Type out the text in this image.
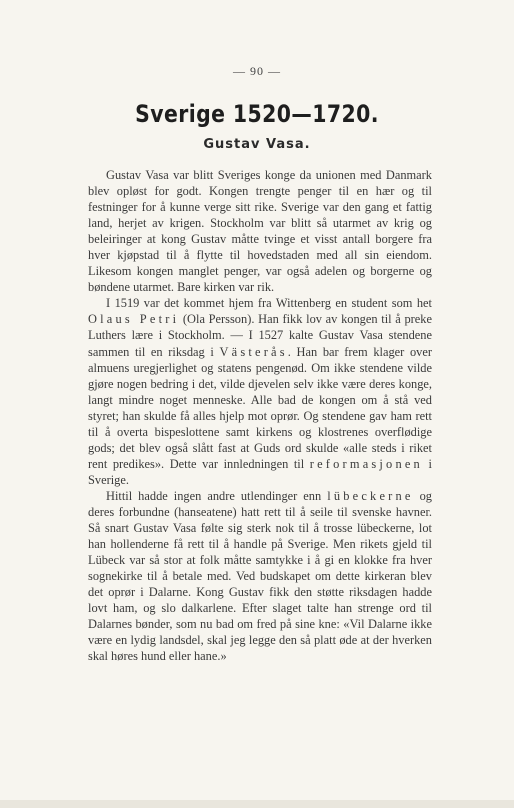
— 90 —
Sverige 1520—1720.
Gustav Vasa.

Gustav Vasa var blitt Sveriges konge da unionen med Danmark blev opløst for godt. Kongen trengte penger til en hær og til festninger for å kunne verge sitt rike. Sverige var den gang et fattig land, herjet av krigen. Stockholm var blitt så utarmet av krig og beleiringer at kong Gustav måtte tvinge et visst antall borgere fra hver kjøpstad til å flytte til hovedstaden med all sin eiendom. Likesom kongen manglet penger, var også adelen og borgerne og bøndene utarmet. Bare kirken var rik.

I 1519 var det kommet hjem fra Wittenberg en student som het Olaus Petri (Ola Persson). Han fikk lov av kongen til å preke Luthers lære i Stockholm. — I 1527 kalte Gustav Vasa stendene sammen til en riksdag i Västerås. Han bar frem klager over almuens uregjerlighet og statens pengenød. Om ikke stendene vilde gjøre nogen bedring i det, vilde djevelen selv ikke være deres konge, langt mindre noget menneske. Alle bad de kongen om å stå ved styret; han skulde få alles hjelp mot oprør. Og stendene gav ham rett til å overta bispeslottene samt kirkens og klostrenes overflødige gods; det blev også slått fast at Guds ord skulde «alle steds i riket rent predikes». Dette var innledningen til reformasjonen i Sverige.

Hittil hadde ingen andre utlendinger enn lübeckerne og deres forbundne (hanseatene) hatt rett til å seile til svenske havner. Så snart Gustav Vasa følte sig sterk nok til å trosse lübeckerne, lot han hollenderne få rett til å handle på Sverige. Men rikets gjeld til Lübeck var så stor at folk måtte samtykke i å gi en klokke fra hver sognekirke til å betale med. Ved budskapet om dette kirkeran blev det oprør i Dalarne. Kong Gustav fikk den støtte riksdagen hadde lovt ham, og slo dalkarlene. Efter slaget talte han strenge ord til Dalarnes bønder, som nu bad om fred på sine kne: «Vil Dalarne ikke være en lydig landsdel, skal jeg legge den så platt øde at der hverken skal høres hund eller hane.»
